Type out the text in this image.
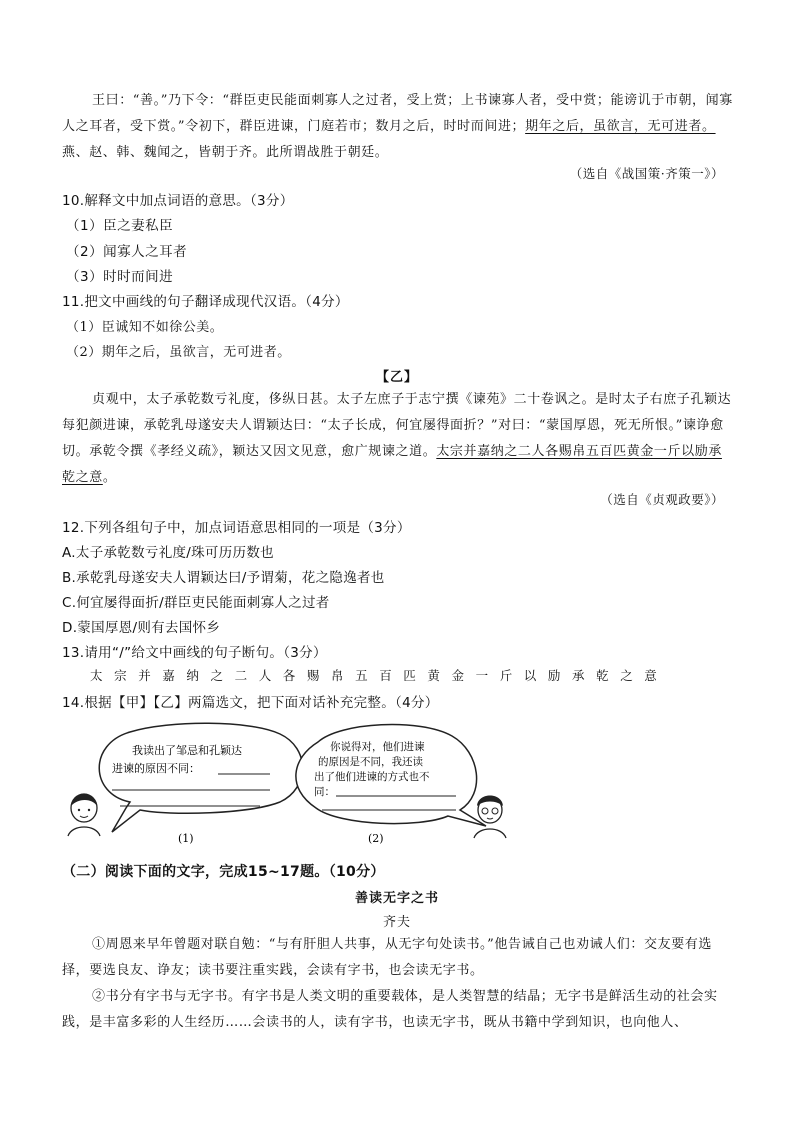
王曰：“善。”乃下令：“群臣吏民能面刺寡人之过者，受上赏；上书谏寡人者，受中赏；能谤讥于市朝，闻寡人之耳者，受下赏。”令初下，群臣进谏，门庭若市；数月之后，时时而间进；期年之后，虽欲言，无可进者。燕、赵、韩、魏闻之，皆朝于齐。此所谓战胜于朝廷。

（选自《战国策·齐策一》）
10.解释文中加点词语的意思。（3分）
（1）臣之妻私臣
（2）闻寡人之耳者
（3）时时而间进
11.把文中画线的句子翻译成现代汉语。（4分）
（1）臣诚知不如徐公美。
（2）期年之后，虽欲言，无可进者。
【乙】

贞观中，太子承乾数亏礼度，侈纵日甚。太子左庶子于志宁撰《谏苑》二十卷讽之。是时太子右庶子孔颖达每犯颜进谏，承乾乳母遂安夫人谓颖达曰：“太子长成，何宜屡得面折？”对曰：“蒙国厚恩，死无所恨。”谏诤愈切。承乾令撰《孝经义疏》，颖达又因文见意，愈广规谏之道。太宗并嘉纳之二人各赐帛五百匹黄金一斤以励承乾之意。

（选自《贞观政要》）
12.下列各组句子中，加点词语意思相同的一项是（3分）
A.太子承乾数亏礼度/珠可历历数也
B.承乾乳母遂安夫人谓颖达曰/予谓菊，花之隐逸者也
C.何宜屡得面折/群臣吏民能面刺寡人之过者
D.蒙国厚恩/则有去国怀乡
13.请用“/”给文中画线的句子断句。（3分）
太宗并嘉纳之二人各赐帛五百匹黄金一斤以励承乾之意
14.根据【甲】【乙】两篇选文，把下面对话补充完整。（4分）
我读出了邹忌和孔颖达
进谏的原因不同：
你说得对，他们进谏
的原因是不同，我还读
出了他们进谏的方式也不
同：
(1)	(2)
（二）阅读下面的文字，完成15~17题。（10分）
善读无字之书
齐夫

①周恩来早年曾题对联自勉：“与有肝胆人共事，从无字句处读书。”他告诫自己也劝诫人们：交友要有选择，要选良友、诤友；读书要注重实践，会读有字书，也会读无字书。

②书分有字书与无字书。有字书是人类文明的重要载体，是人类智慧的结晶；无字书是鲜活生动的社会实践，是丰富多彩的人生经历……会读书的人，读有字书，也读无字书，既从书籍中学到知识，也向他人、
